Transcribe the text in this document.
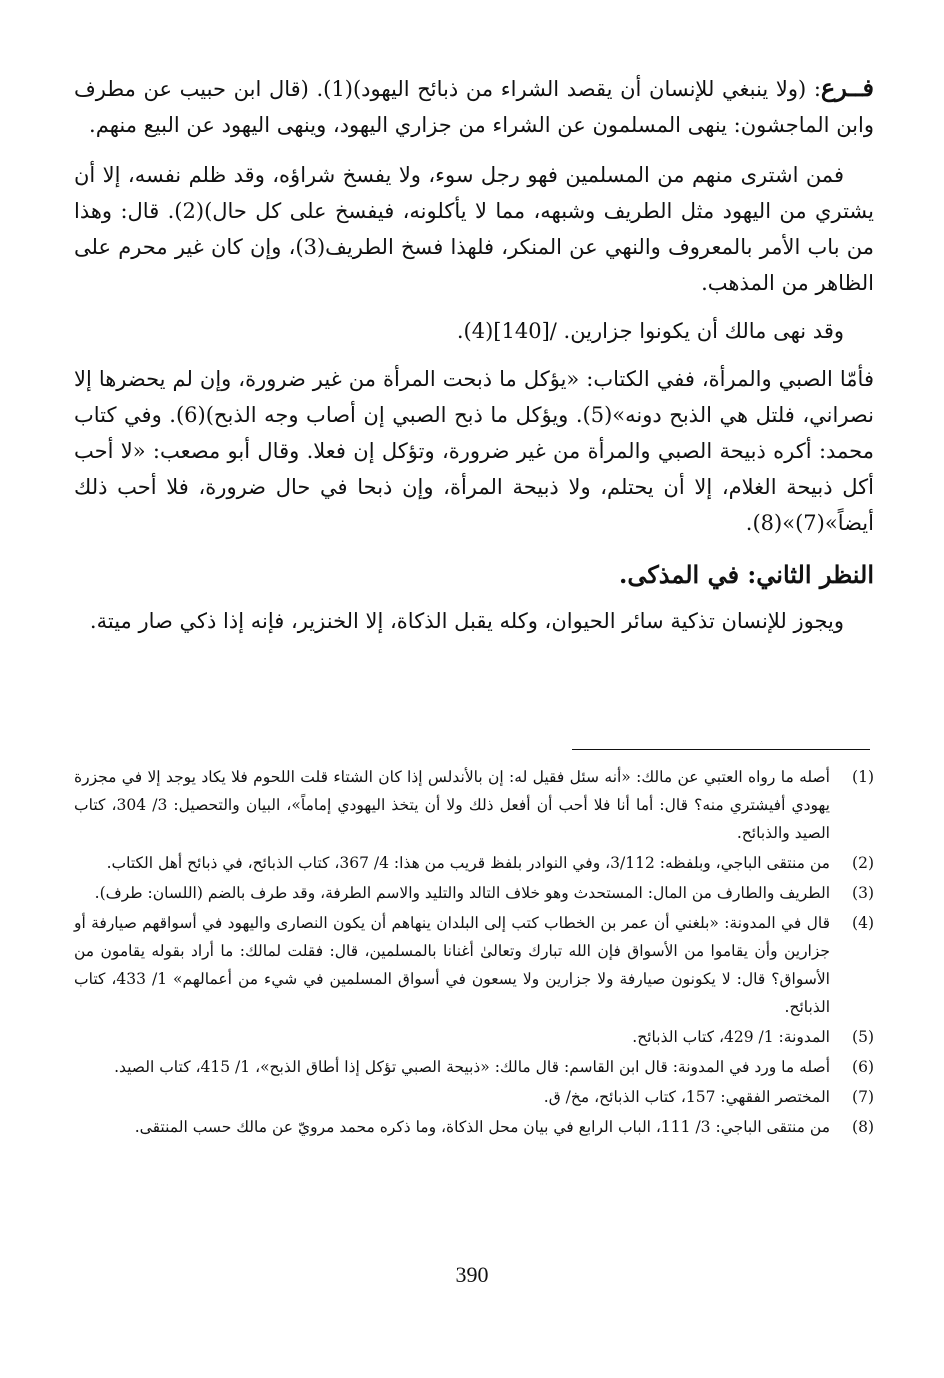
فــرع: (ولا ينبغي للإنسان أن يقصد الشراء من ذبائح اليهود)(1). (قال ابن حبيب عن مطرف وابن الماجشون: ينهى المسلمون عن الشراء من جزاري اليهود، وينهى اليهود عن البيع منهم.

فمن اشترى منهم من المسلمين فهو رجل سوء، ولا يفسخ شراؤه، وقد ظلم نفسه، إلا أن يشتري من اليهود مثل الطريف وشبهه، مما لا يأكلونه، فيفسخ على كل حال)(2). قال: وهذا من باب الأمر بالمعروف والنهي عن المنكر، فلهذا فسخ الطريف(3)، وإن كان غير محرم على الظاهر من المذهب.

وقد نهى مالك أن يكونوا جزارين. /[140](4).

فأمّا الصبي والمرأة، ففي الكتاب: «يؤكل ما ذبحت المرأة من غير ضرورة، وإن لم يحضرها إلا نصراني، فلتل هي الذبح دونه»(5). ويؤكل ما ذبح الصبي إن أصاب وجه الذبح)(6). وفي كتاب محمد: أكره ذبيحة الصبي والمرأة من غير ضرورة، وتؤكل إن فعلا. وقال أبو مصعب: «لا أحب أكل ذبيحة الغلام، إلا أن يحتلم، ولا ذبيحة المرأة، وإن ذبحا في حال ضرورة، فلا أحب ذلك أيضاً»(7)»(8).

النظر الثاني: في المذكى.

ويجوز للإنسان تذكية سائر الحيوان، وكله يقبل الذكاة، إلا الخنزير، فإنه إذا ذكي صار ميتة.

(1)
أصله ما رواه العتبي عن مالك: «أنه سئل فقيل له: إن بالأندلس إذا كان الشتاء قلت اللحوم فلا يكاد يوجد إلا في مجزرة يهودي أفيشتري منه؟ قال: أما أنا فلا أحب أن أفعل ذلك ولا أن يتخذ اليهودي إماماً»، البيان والتحصيل: 3/ 304، كتاب الصيد والذبائح.
(2)
من منتقى الباجي، وبلفظه: 3/112، وفي النوادر بلفظ قريب من هذا: 4/ 367، كتاب الذبائح، في ذبائح أهل الكتاب.
(3)
الطريف والطارف من المال: المستحدث وهو خلاف التالد والتليد والاسم الطرفة، وقد طرف بالضم (اللسان: طرف).
(4)
قال في المدونة: «بلغني أن عمر بن الخطاب كتب إلى البلدان ينهاهم أن يكون النصارى واليهود في أسواقهم صيارفة أو جزارين وأن يقاموا من الأسواق فإن الله تبارك وتعالىٰ أغنانا بالمسلمين، قال: فقلت لمالك: ما أراد بقوله يقامون من الأسواق؟ قال: لا يكونون صيارفة ولا جزارين ولا يسعون في أسواق المسلمين في شيء من أعمالهم» 1/ 433، كتاب الذبائح.
(5)
المدونة: 1/ 429، كتاب الذبائح.
(6)
أصله ما ورد في المدونة: قال ابن القاسم: قال مالك: «ذبيحة الصبي تؤكل إذا أطاق الذبح»، 1/ 415، كتاب الصيد.
(7)
المختصر الفقهي: 157، كتاب الذبائح، مخ/ ق.
(8)
من منتقى الباجي: 3/ 111، الباب الرابع في بيان محل الذكاة، وما ذكره محمد مرويّ عن مالك حسب المنتقى.
390
